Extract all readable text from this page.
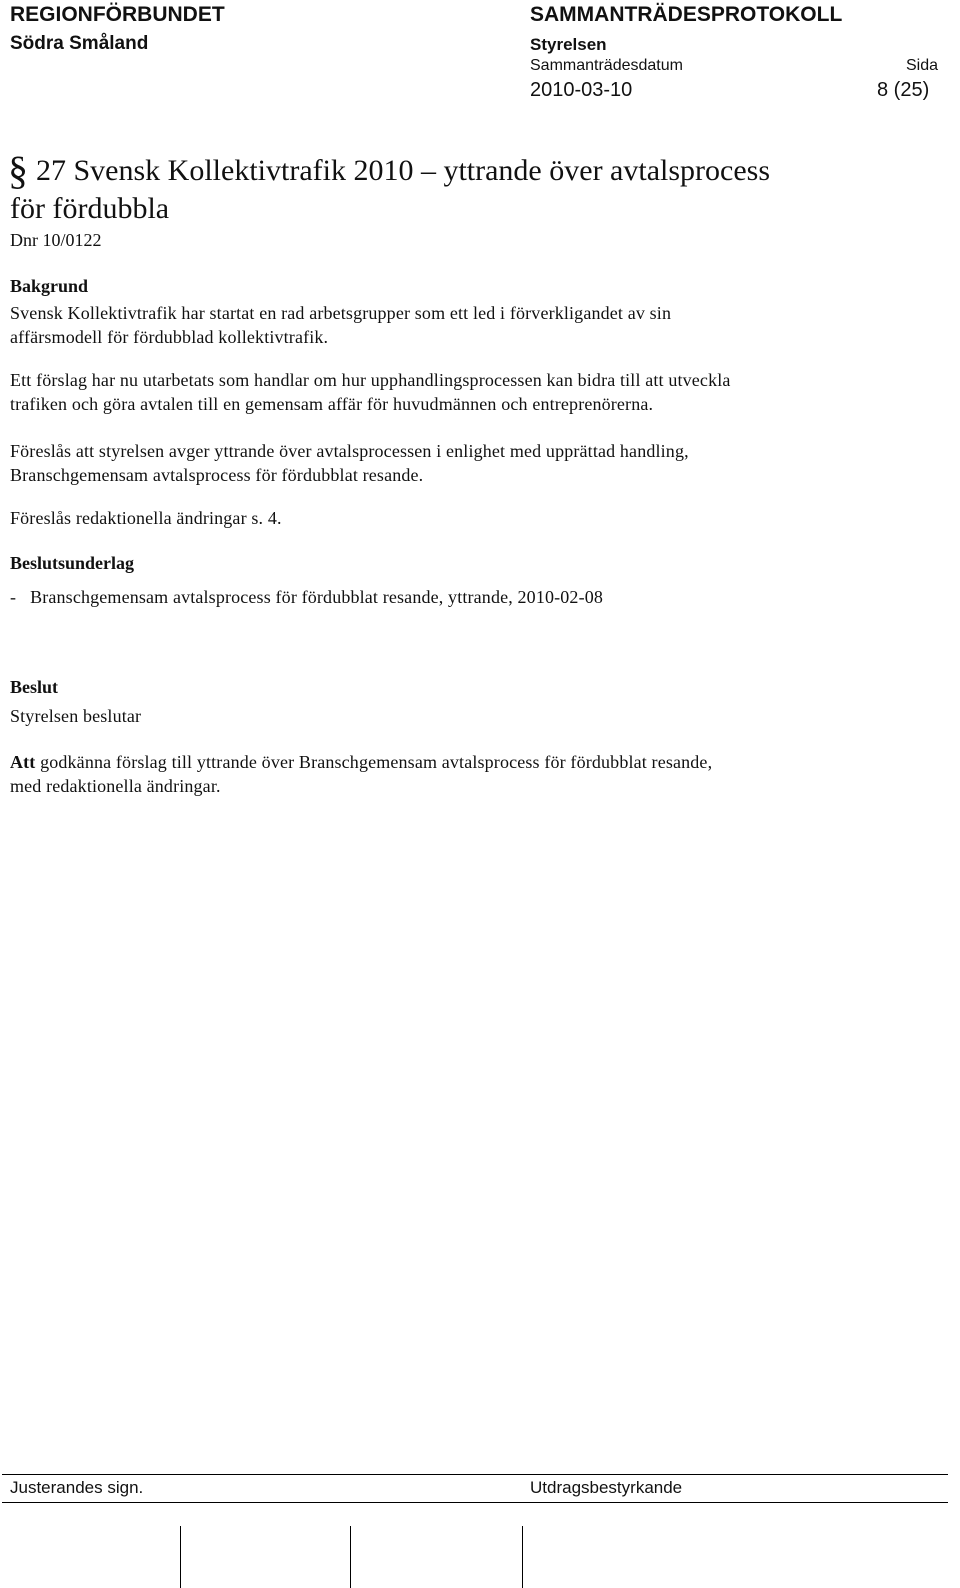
REGIONFÖRBUNDET
Södra Småland
SAMMANTRÄDESPROTOKOLL
Styrelsen
Sammanträdesdatum	Sida
2010-03-10	8 (25)
§ 27 Svensk Kollektivtrafik 2010 – yttrande över avtalsprocess
för fördubbla
Dnr 10/0122
Bakgrund
Svensk Kollektivtrafik har startat en rad arbetsgrupper som ett led i förverkligandet av sin
affärsmodell för fördubblad kollektivtrafik.
Ett förslag har nu utarbetats som handlar om hur upphandlingsprocessen kan bidra till att utveckla
trafiken och göra avtalen till en gemensam affär för huvudmännen och entreprenörerna.
Föreslås att styrelsen avger yttrande över avtalsprocessen i enlighet med upprättad handling,
Branschgemensam avtalsprocess för fördubblat resande.
Föreslås redaktionella ändringar s. 4.
Beslutsunderlag
-   Branschgemensam avtalsprocess för fördubblat resande, yttrande, 2010-02-08
Beslut
Styrelsen beslutar
Att godkänna förslag till yttrande över Branschgemensam avtalsprocess för fördubblat resande,
med redaktionella ändringar.
Justerandes sign.	Utdragsbestyrkande
